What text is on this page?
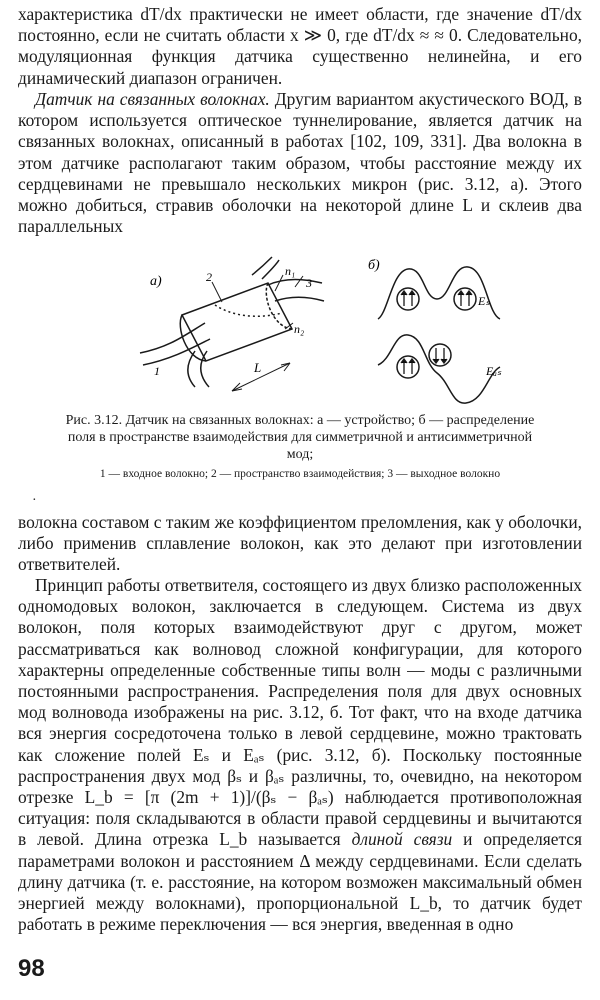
характеристика dT/dx практически не имеет области, где значение dT/dx постоянно, если не считать области x ≫ 0, где dT/dx ≈ ≈ 0. Следовательно, модуляционная функция датчика существенно нелинейна, и его динамический диапазон ограничен.

Датчик на связанных волокнах. Другим вариантом акустического ВОД, в котором используется оптическое туннелирование, является датчик на связанных волокнах, описанный в работах [102, 109, 331]. Два волокна в этом датчике располагают таким образом, чтобы расстояние между их сердцевинами не превышало нескольких микрон (рис. 3.12, а). Этого можно добиться, стравив оболочки на некоторой длине L и склеив два параллельных

а)
б)
n₁
n₂
1
2	3
L
Eₛ
Eₐₛ

Рис. 3.12. Датчик на связанных волокнах: а — устройство; б — распределение поля в пространстве взаимодействия для симметричной и антисимметричной мод;

1 — входное волокно; 2 — пространство взаимодействия; 3 — выходное волокно

·

волокна составом с таким же коэффициентом преломления, как у оболочки, либо применив сплавление волокон, как это делают при изготовлении ответвителей.

Принцип работы ответвителя, состоящего из двух близко расположенных одномодовых волокон, заключается в следующем. Система из двух волокон, поля которых взаимодействуют друг с другом, может рассматриваться как волновод сложной конфигурации, для которого характерны определенные собственные типы волн — моды с различными постоянными распространения. Распределения поля для двух основных мод волновода изображены на рис. 3.12, б. Тот факт, что на входе датчика вся энергия сосредоточена только в левой сердцевине, можно трактовать как сложение полей Eₛ и Eₐₛ (рис. 3.12, б). Поскольку постоянные распространения двух мод βₛ и βₐₛ различны, то, очевидно, на некотором отрезке L_b = [π (2m + 1)]/(βₛ − βₐₛ) наблюдается противоположная ситуация: поля складываются в области правой сердцевины и вычитаются в левой. Длина отрезка L_b называется длиной связи и определяется параметрами волокон и расстоянием Δ между сердцевинами. Если сделать длину датчика (т. е. расстояние, на котором возможен максимальный обмен энергией между волокнами), пропорциональной L_b, то датчик будет работать в режиме переключения — вся энергия, введенная в одно

98
